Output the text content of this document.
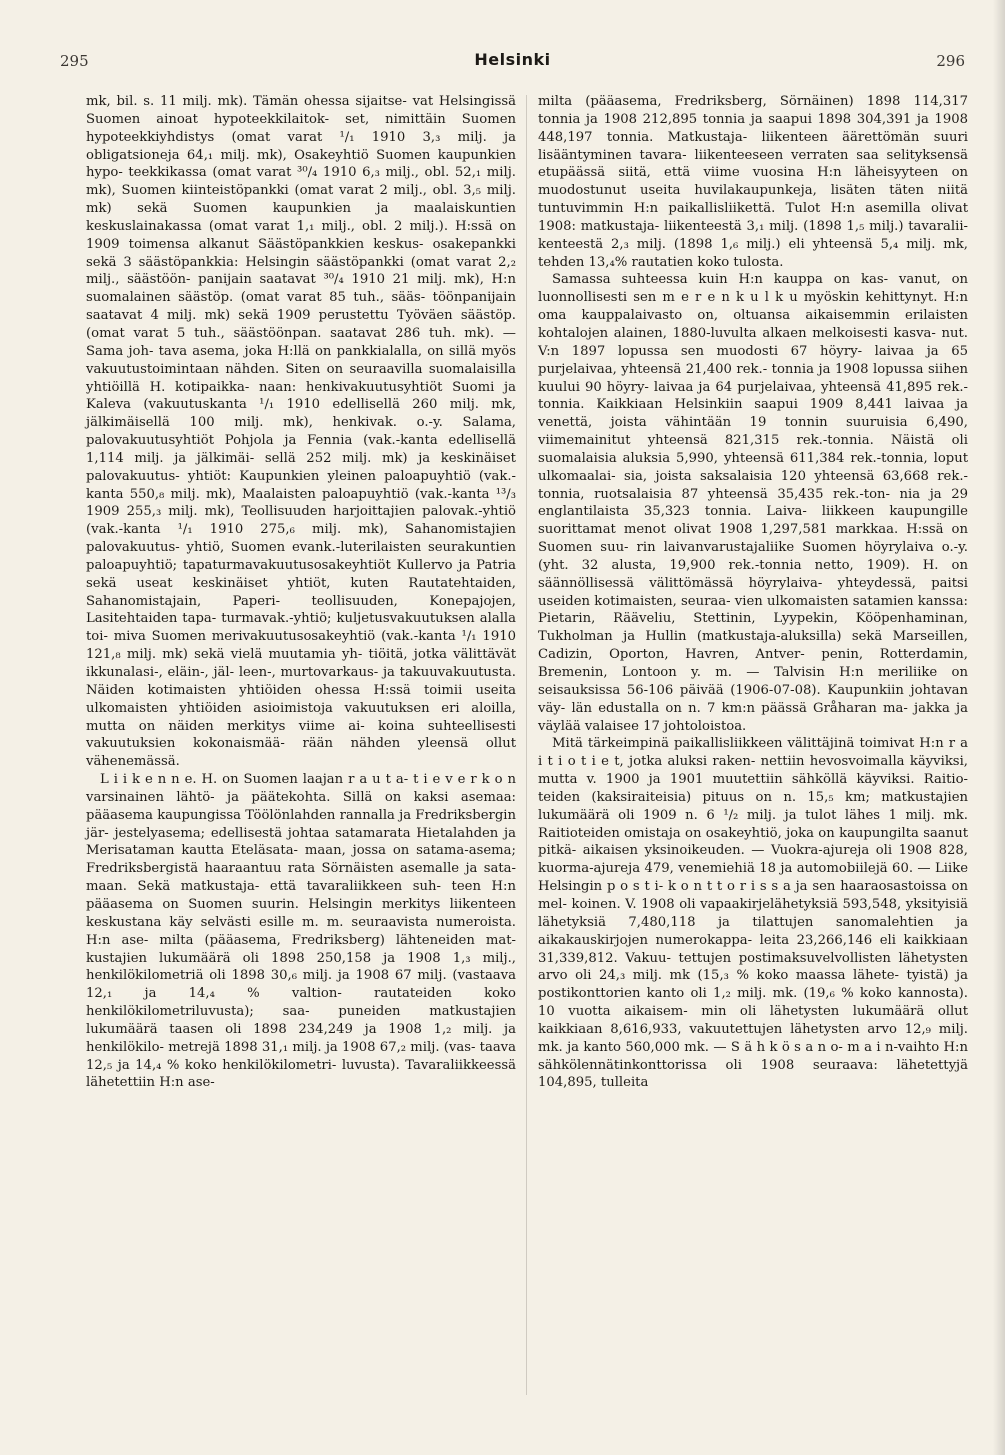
295	Helsinki	296

mk, bil. s. 11 milj. mk). Tämän ohessa sijaitse- vat Helsingissä Suomen ainoat hypoteekkilaitok- set, nimittäin Suomen hypoteekkiyhdistys (omat varat ¹/₁ 1910 3,₃ milj. ja obligatsioneja 64,₁ milj. mk), Osakeyhtiö Suomen kaupunkien hypo- teekkikassa (omat varat ³⁰/₄ 1910 6,₃ milj., obl. 52,₁ milj. mk), Suomen kiinteistöpankki (omat varat 2 milj., obl. 3,₅ milj. mk) sekä Suomen kaupunkien ja maalaiskuntien keskuslainakassa (omat varat 1,₁ milj., obl. 2 milj.). H:ssä on 1909 toimensa alkanut Säästöpankkien keskus- osakepankki sekä 3 säästöpankkia: Helsingin säästöpankki (omat varat 2,₂ milj., säästöön- panijain saatavat ³⁰/₄ 1910 21 milj. mk), H:n suomalainen säästöp. (omat varat 85 tuh., sääs- töönpanijain saatavat 4 milj. mk) sekä 1909 perustettu Työväen säästöp. (omat varat 5 tuh., säästöönpan. saatavat 286 tuh. mk). — Sama joh- tava asema, joka H:llä on pankkialalla, on sillä myös vakuutustoimintaan nähden. Siten on seuraavilla suomalaisilla yhtiöillä H. kotipaikka- naan: henkivakuutusyhtiöt Suomi ja Kaleva (vakuutuskanta ¹/₁ 1910 edellisellä 260 milj. mk, jälkimäisellä 100 milj. mk), henkivak. o.-y. Salama, palovakuutusyhtiöt Pohjola ja Fennia (vak.-kanta edellisellä 1,114 milj. ja jälkimäi- sellä 252 milj. mk) ja keskinäiset palovakuutus- yhtiöt: Kaupunkien yleinen paloapuyhtiö (vak.- kanta 550,₈ milj. mk), Maalaisten paloapuyhtiö (vak.-kanta ¹³/₃ 1909 255,₃ milj. mk), Teollisuuden harjoittajien palovak.-yhtiö (vak.-kanta ¹/₁ 1910 275,₆ milj. mk), Sahanomistajien palovakuutus- yhtiö, Suomen evank.-luterilaisten seurakuntien paloapuyhtiö; tapaturmavakuutusosakeyhtiöt Kullervo ja Patria sekä useat keskinäiset yhtiöt, kuten Rautatehtaiden, Sahanomistajain, Paperi- teollisuuden, Konepajojen, Lasitehtaiden tapa- turmavak.-yhtiö; kuljetusvakuutuksen alalla toi- miva Suomen merivakuutusosakeyhtiö (vak.-kanta ¹/₁ 1910 121,₈ milj. mk) sekä vielä muutamia yh- tiöitä, jotka välittävät ikkunalasi-, eläin-, jäl- leen-, murtovarkaus- ja takuuvakuutusta. Näiden kotimaisten yhtiöiden ohessa H:ssä toimii useita ulkomaisten yhtiöiden asioimistoja vakuutuksen eri aloilla, mutta on näiden merkitys viime ai- koina suhteellisesti vakuutuksien kokonaismää- rään nähden yleensä ollut vähenemässä.

L i i k e n n e. H. on Suomen laajan r a u t a- t i e v e r k o n varsinainen lähtö- ja päätekohta. Sillä on kaksi asemaa: pääasema kaupungissa Töölönlahden rannalla ja Fredriksbergin jär- jestelyasema; edellisestä johtaa satamarata Hietalahden ja Merisataman kautta Eteläsata- maan, jossa on satama-asema; Fredriksbergistä haaraantuu rata Sörnäisten asemalle ja sata- maan. Sekä matkustaja- että tavaraliikkeen suh- teen H:n pääasema on Suomen suurin. Helsingin merkitys liikenteen keskustana käy selvästi esille m. m. seuraavista numeroista. H:n ase- milta (pääasema, Fredriksberg) lähteneiden mat- kustajien lukumäärä oli 1898 250,158 ja 1908 1,₃ milj., henkilökilometriä oli 1898 30,₆ milj. ja 1908 67 milj. (vastaava 12,₁ ja 14,₄ % valtion- rautateiden koko henkilökilometriluvusta); saa- puneiden matkustajien lukumäärä taasen oli 1898 234,249 ja 1908 1,₂ milj. ja henkilökilo- metrejä 1898 31,₁ milj. ja 1908 67,₂ milj. (vas- taava 12,₅ ja 14,₄ % koko henkilökilometri- luvusta). Tavaraliikkeessä lähetettiin H:n ase-

milta (pääasema, Fredriksberg, Sörnäinen) 1898 114,317 tonnia ja 1908 212,895 tonnia ja saapui 1898 304,391 ja 1908 448,197 tonnia. Matkustaja- liikenteen äärettömän suuri lisääntyminen tavara- liikenteeseen verraten saa selityksensä etupäässä siitä, että viime vuosina H:n läheisyyteen on muodostunut useita huvilakaupunkeja, lisäten täten niitä tuntuvimmin H:n paikallisliikettä. Tulot H:n asemilla olivat 1908: matkustaja- liikenteestä 3,₁ milj. (1898 1,₅ milj.) tavaralii- kenteestä 2,₃ milj. (1898 1,₆ milj.) eli yhteensä 5,₄ milj. mk, tehden 13,₄% rautatien koko tulosta.

Samassa suhteessa kuin H:n kauppa on kas- vanut, on luonnollisesti sen m e r e n k u l k u myöskin kehittynyt. H:n oma kauppalaivasto on, oltuansa aikaisemmin erilaisten kohtalojen alainen, 1880-luvulta alkaen melkoisesti kasva- nut. V:n 1897 lopussa sen muodosti 67 höyry- laivaa ja 65 purjelaivaa, yhteensä 21,400 rek.- tonnia ja 1908 lopussa siihen kuului 90 höyry- laivaa ja 64 purjelaivaa, yhteensä 41,895 rek.- tonnia. Kaikkiaan Helsinkiin saapui 1909 8,441 laivaa ja venettä, joista vähintään 19 tonnin suuruisia 6,490, viimemainitut yhteensä 821,315 rek.-tonnia. Näistä oli suomalaisia aluksia 5,990, yhteensä 611,384 rek.-tonnia, loput ulkomaalai- sia, joista saksalaisia 120 yhteensä 63,668 rek.- tonnia, ruotsalaisia 87 yhteensä 35,435 rek.-ton- nia ja 29 englantilaista 35,323 tonnia. Laiva- liikkeen kaupungille suorittamat menot olivat 1908 1,297,581 markkaa. H:ssä on Suomen suu- rin laivanvarustajaliike Suomen höyrylaiva o.-y. (yht. 32 alusta, 19,900 rek.-tonnia netto, 1909). H. on säännöllisessä välittömässä höyrylaiva- yhteydessä, paitsi useiden kotimaisten, seuraa- vien ulkomaisten satamien kanssa: Pietarin, Rääveliu, Stettinin, Lyypekin, Kööpenhaminan, Tukholman ja Hullin (matkustaja-aluksilla) sekä Marseillen, Cadizin, Oporton, Havren, Antver- penin, Rotterdamin, Bremenin, Lontoon y. m. — Talvisin H:n meriliike on seisauksissa 56-106 päivää (1906-07-08). Kaupunkiin johtavan väy- län edustalla on n. 7 km:n päässä Gråharan ma- jakka ja väylää valaisee 17 johtoloistoa.

Mitä tärkeimpinä paikallisliikkeen välittäjinä toimivat H:n r a i t i o t i e t, jotka aluksi raken- nettiin hevosvoimalla käyviksi, mutta v. 1900 ja 1901 muutettiin sähköllä käyviksi. Raitio- teiden (kaksiraiteisia) pituus on n. 15,₅ km; matkustajien lukumäärä oli 1909 n. 6 ¹/₂ milj. ja tulot lähes 1 milj. mk. Raitioteiden omistaja on osakeyhtiö, joka on kaupungilta saanut pitkä- aikaisen yksinoikeuden. — Vuokra-ajureja oli 1908 828, kuorma-ajureja 479, venemiehiä 18 ja automobiilejä 60. — Liike Helsingin p o s t i- k o n t t o r i s s a ja sen haaraosastoissa on mel- koinen. V. 1908 oli vapaakirjelähetyksiä 593,548, yksityisiä lähetyksiä 7,480,118 ja tilattujen sanomalehtien ja aikakauskirjojen numerokappa- leita 23,266,146 eli kaikkiaan 31,339,812. Vakuu- tettujen postimaksuvelvollisten lähetysten arvo oli 24,₃ milj. mk (15,₃ % koko maassa lähete- tyistä) ja postikonttorien kanto oli 1,₂ milj. mk. (19,₆ % koko kannosta). 10 vuotta aikaisem- min oli lähetysten lukumäärä ollut kaikkiaan 8,616,933, vakuutettujen lähetysten arvo 12,₉ milj. mk. ja kanto 560,000 mk. — S ä h k ö s a n o- m a i n-vaihto H:n sähkölennätinkonttorissa oli 1908 seuraava: lähetettyjä 104,895, tulleita
